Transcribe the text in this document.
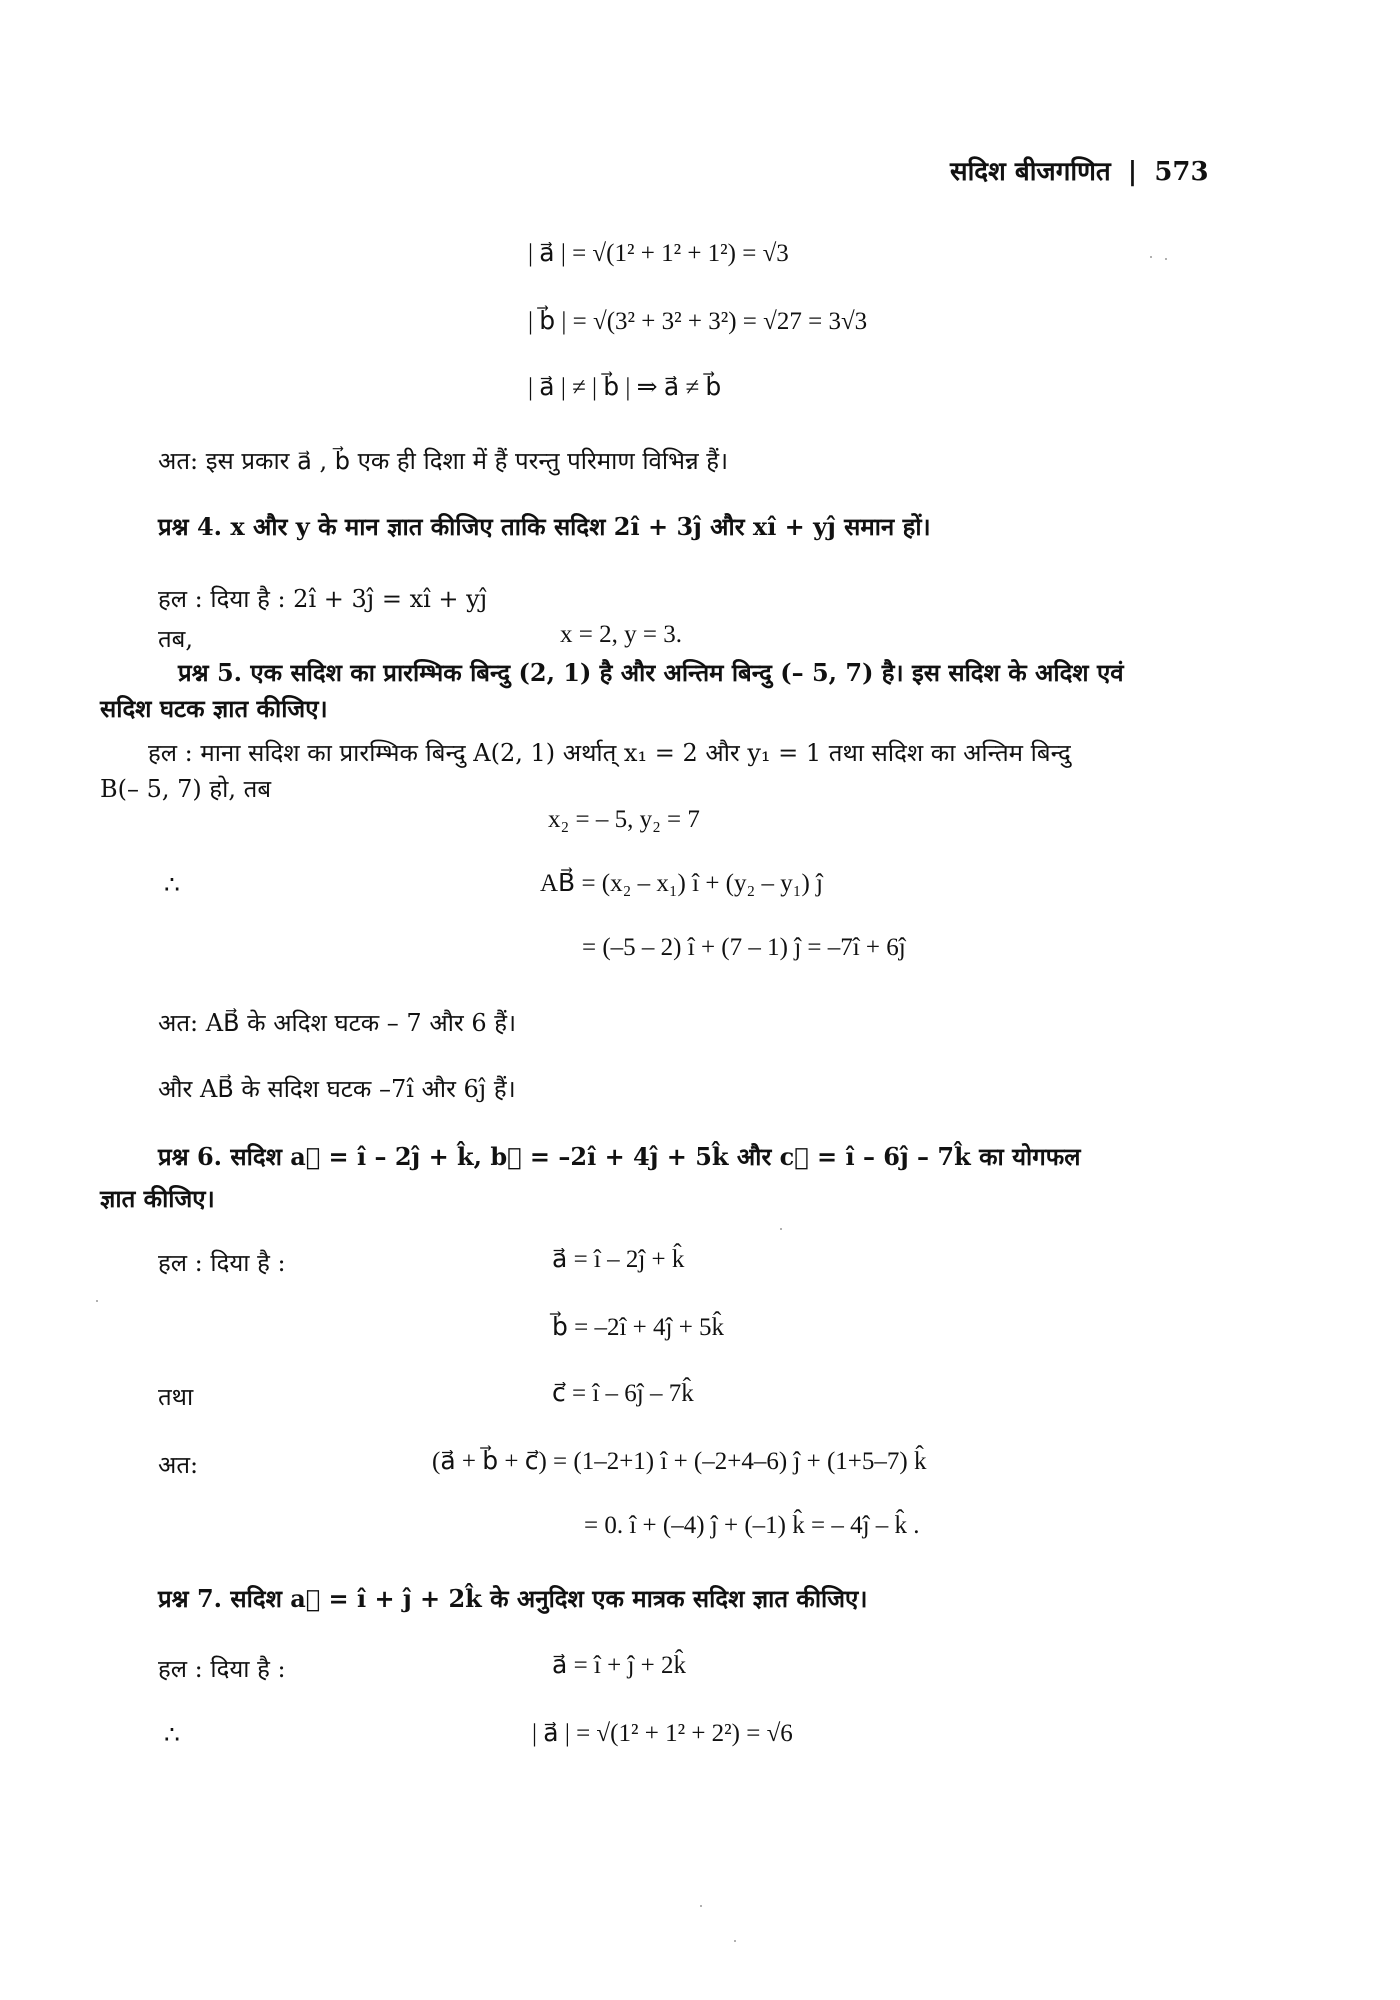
सदिश बीजगणित | 573
| a⃗ | = √(1² + 1² + 1²) = √3
| b⃗ | = √(3² + 3² + 3²) = √27 = 3√3
| a⃗ | ≠ | b⃗ | ⇒ a⃗ ≠ b⃗
अत: इस प्रकार a⃗ , b⃗ एक ही दिशा में हैं परन्तु परिमाण विभिन्न हैं।
प्रश्न 4. x और y के मान ज्ञात कीजिए ताकि सदिश 2î + 3ĵ और xî + yĵ समान हों।
हल : दिया है : 2î + 3ĵ = xî + yĵ
तब,	x = 2, y = 3.
प्रश्न 5. एक सदिश का प्रारम्भिक बिन्दु (2, 1) है और अन्तिम बिन्दु (– 5, 7) है। इस सदिश के अदिश एवं
सदिश घटक ज्ञात कीजिए।
हल : माना सदिश का प्रारम्भिक बिन्दु A(2, 1) अर्थात् x₁ = 2 और y₁ = 1 तथा सदिश का अन्तिम बिन्दु
B(– 5, 7) हो, तब
x₂ = – 5, y₂ = 7
∴	AB⃗ = (x₂ – x₁) î + (y₂ – y₁) ĵ
= (–5 – 2) î + (7 – 1) ĵ = –7î + 6ĵ
अत: AB⃗ के अदिश घटक – 7 और 6 हैं।
और AB⃗ के सदिश घटक –7î और 6ĵ हैं।
प्रश्न 6. सदिश a⃗ = î – 2ĵ + k̂, b⃗ = –2î + 4ĵ + 5k̂ और c⃗ = î – 6ĵ – 7k̂ का योगफल
ज्ञात कीजिए।
हल : दिया है :	a⃗ = î – 2ĵ + k̂
b⃗ = –2î + 4ĵ + 5k̂
तथा	c⃗ = î – 6ĵ – 7k̂
अत:	(a⃗ + b⃗ + c⃗) = (1–2+1) î + (–2+4–6) ĵ + (1+5–7) k̂
= 0. î + (–4) ĵ + (–1) k̂ = – 4ĵ – k̂ .
प्रश्न 7. सदिश a⃗ = î + ĵ + 2k̂ के अनुदिश एक मात्रक सदिश ज्ञात कीजिए।
हल : दिया है :	a⃗ = î + ĵ + 2k̂
∴	| a⃗ | = √(1² + 1² + 2²) = √6
